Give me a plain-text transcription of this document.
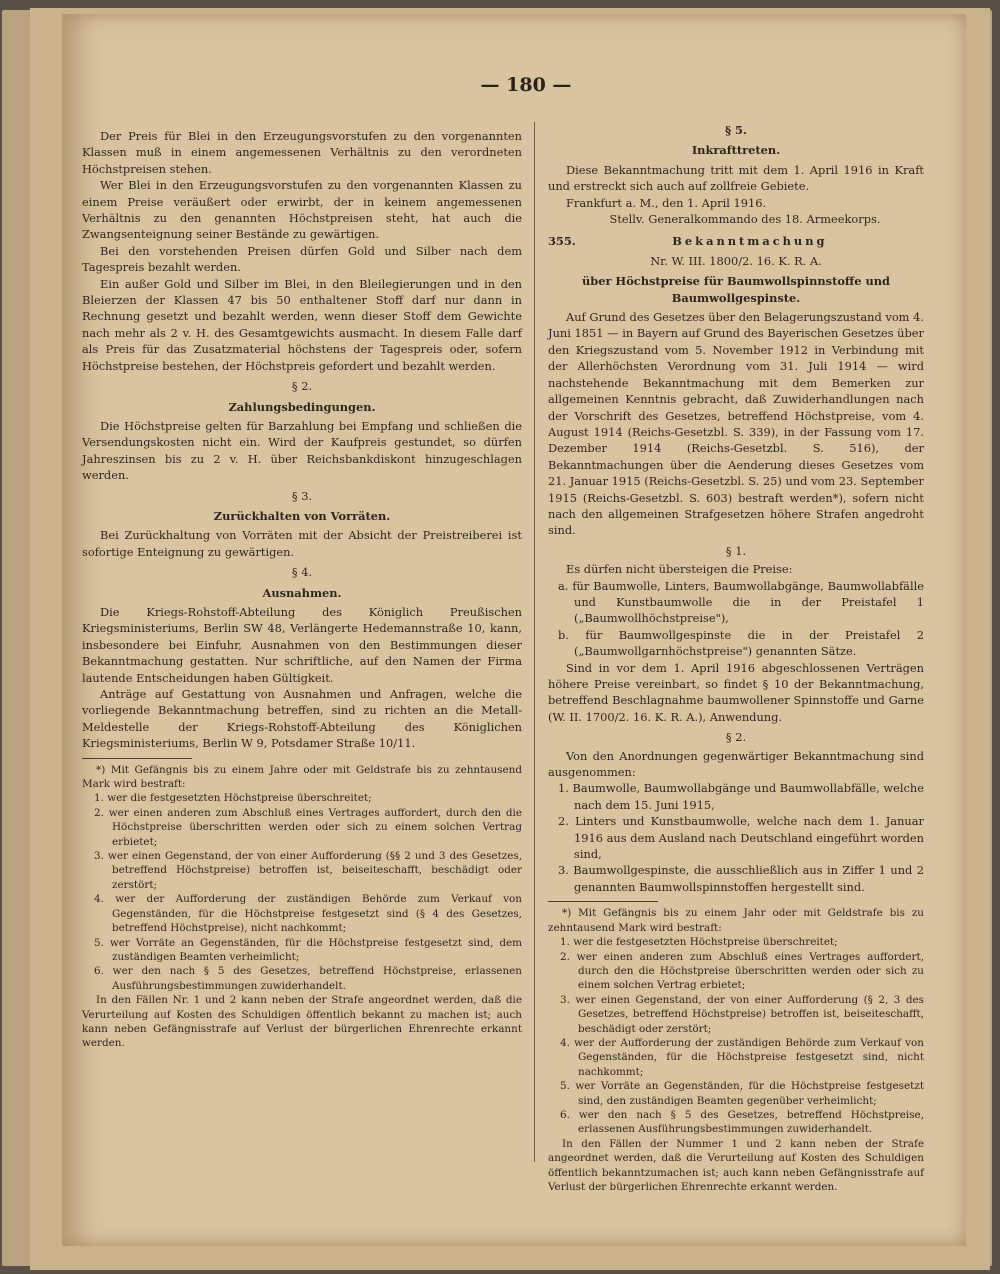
— 180 —

Der Preis für Blei in den Erzeugungsvorstufen zu den vorgenannten Klassen muß in einem angemessenen Verhältnis zu den verordneten Höchstpreisen stehen.

Wer Blei in den Erzeugungsvorstufen zu den vorgenannten Klassen zu einem Preise veräußert oder erwirbt, der in keinem angemessenen Verhältnis zu den genannten Höchstpreisen steht, hat auch die Zwangsenteignung seiner Bestände zu gewärtigen.

Bei den vorstehenden Preisen dürfen Gold und Silber nach dem Tagespreis bezahlt werden.

Ein außer Gold und Silber im Blei, in den Bleilegierungen und in den Bleierzen der Klassen 47 bis 50 enthaltener Stoff darf nur dann in Rechnung gesetzt und bezahlt werden, wenn dieser Stoff dem Gewichte nach mehr als 2 v. H. des Gesamtgewichts ausmacht. In diesem Falle darf als Preis für das Zusatzmaterial höchstens der Tagespreis oder, sofern Höchstpreise bestehen, der Höchstpreis gefordert und bezahlt werden.

§ 2.
Zahlungsbedingungen.

Die Höchstpreise gelten für Barzahlung bei Empfang und schließen die Versendungskosten nicht ein. Wird der Kaufpreis gestundet, so dürfen Jahreszinsen bis zu 2 v. H. über Reichsbankdiskont hinzugeschlagen werden.

§ 3.
Zurückhalten von Vorräten.

Bei Zurückhaltung von Vorräten mit der Absicht der Preistreiberei ist sofortige Enteignung zu gewärtigen.

§ 4.
Ausnahmen.

Die Kriegs-Rohstoff-Abteilung des Königlich Preußischen Kriegsministeriums, Berlin SW 48, Verlängerte Hedemannstraße 10, kann, insbesondere bei Einfuhr, Ausnahmen von den Bestimmungen dieser Bekanntmachung gestatten. Nur schriftliche, auf den Namen der Firma lautende Entscheidungen haben Gültigkeit.

Anträge auf Gestattung von Ausnahmen und Anfragen, welche die vorliegende Bekanntmachung betreffen, sind zu richten an die Metall-Meldestelle der Kriegs-Rohstoff-Abteilung des Königlichen Kriegsministeriums, Berlin W 9, Potsdamer Straße 10/11.

*) Mit Gefängnis bis zu einem Jahre oder mit Geldstrafe bis zu zehntausend Mark wird bestraft:

1. wer die festgesetzten Höchstpreise überschreitet;

2. wer einen anderen zum Abschluß eines Vertrages auffordert, durch den die Höchstpreise überschritten werden oder sich zu einem solchen Vertrag erbietet;

3. wer einen Gegenstand, der von einer Aufforderung (§§ 2 und 3 des Gesetzes, betreffend Höchstpreise) betroffen ist, beiseiteschafft, beschädigt oder zerstört;

4. wer der Aufforderung der zuständigen Behörde zum Verkauf von Gegenständen, für die Höchstpreise festgesetzt sind (§ 4 des Gesetzes, betreffend Höchstpreise), nicht nachkommt;

5. wer Vorräte an Gegenständen, für die Höchstpreise festgesetzt sind, dem zuständigen Beamten verheimlicht;

6. wer den nach § 5 des Gesetzes, betreffend Höchstpreise, erlassenen Ausführungsbestimmungen zuwiderhandelt.

In den Fällen Nr. 1 und 2 kann neben der Strafe angeordnet werden, daß die Verurteilung auf Kosten des Schuldigen öffentlich bekannt zu machen ist; auch kann neben Gefängnisstrafe auf Verlust der bürgerlichen Ehrenrechte erkannt werden.

§ 5.
Inkrafttreten.

Diese Bekanntmachung tritt mit dem 1. April 1916 in Kraft und erstreckt sich auch auf zollfreie Gebiete.

Frankfurt a. M., den 1. April 1916.

Stellv. Generalkommando des 18. Armeekorps.

355.	Bekanntmachung
Nr. W. III. 1800/2. 16. K. R. A.
über Höchstpreise für Baumwollspinnstoffe und Baumwollgespinste.

Auf Grund des Gesetzes über den Belagerungszustand vom 4. Juni 1851 — in Bayern auf Grund des Bayerischen Gesetzes über den Kriegszustand vom 5. November 1912 in Verbindung mit der Allerhöchsten Verordnung vom 31. Juli 1914 — wird nachstehende Bekanntmachung mit dem Bemerken zur allgemeinen Kenntnis gebracht, daß Zuwiderhandlungen nach der Vorschrift des Gesetzes, betreffend Höchstpreise, vom 4. August 1914 (Reichs-Gesetzbl. S. 339), in der Fassung vom 17. Dezember 1914 (Reichs-Gesetzbl. S. 516), der Bekanntmachungen über die Aenderung dieses Gesetzes vom 21. Januar 1915 (Reichs-Gesetzbl. S. 25) und vom 23. September 1915 (Reichs-Gesetzbl. S. 603) bestraft werden*), sofern nicht nach den allgemeinen Strafgesetzen höhere Strafen angedroht sind.

§ 1.

Es dürfen nicht übersteigen die Preise:

a. für Baumwolle, Linters, Baumwollabgänge, Baumwollabfälle und Kunstbaumwolle die in der Preistafel 1 („Baumwollhöchstpreise"),

b. für Baumwollgespinste die in der Preistafel 2 („Baumwollgarnhöchstpreise") genannten Sätze.

Sind in vor dem 1. April 1916 abgeschlossenen Verträgen höhere Preise vereinbart, so findet § 10 der Bekanntmachung, betreffend Beschlagnahme baumwollener Spinnstoffe und Garne (W. II. 1700/2. 16. K. R. A.), Anwendung.

§ 2.

Von den Anordnungen gegenwärtiger Bekanntmachung sind ausgenommen:

1. Baumwolle, Baumwollabgänge und Baumwollabfälle, welche nach dem 15. Juni 1915,

2. Linters und Kunstbaumwolle, welche nach dem 1. Januar 1916 aus dem Ausland nach Deutschland eingeführt worden sind,

3. Baumwollgespinste, die ausschließlich aus in Ziffer 1 und 2 genannten Baumwollspinnstoffen hergestellt sind.

*) Mit Gefängnis bis zu einem Jahr oder mit Geldstrafe bis zu zehntausend Mark wird bestraft:

1. wer die festgesetzten Höchstpreise überschreitet;

2. wer einen anderen zum Abschluß eines Vertrages auffordert, durch den die Höchstpreise überschritten werden oder sich zu einem solchen Vertrag erbietet;

3. wer einen Gegenstand, der von einer Aufforderung (§ 2, 3 des Gesetzes, betreffend Höchstpreise) betroffen ist, beiseiteschafft, beschädigt oder zerstört;

4. wer der Aufforderung der zuständigen Behörde zum Verkauf von Gegenständen, für die Höchstpreise festgesetzt sind, nicht nachkommt;

5. wer Vorräte an Gegenständen, für die Höchstpreise festgesetzt sind, den zuständigen Beamten gegenüber verheimlicht;

6. wer den nach § 5 des Gesetzes, betreffend Höchstpreise, erlassenen Ausführungsbestimmungen zuwiderhandelt.

In den Fällen der Nummer 1 und 2 kann neben der Strafe angeordnet werden, daß die Verurteilung auf Kosten des Schuldigen öffentlich bekanntzumachen ist; auch kann neben Gefängnisstrafe auf Verlust der bürgerlichen Ehrenrechte erkannt werden.
